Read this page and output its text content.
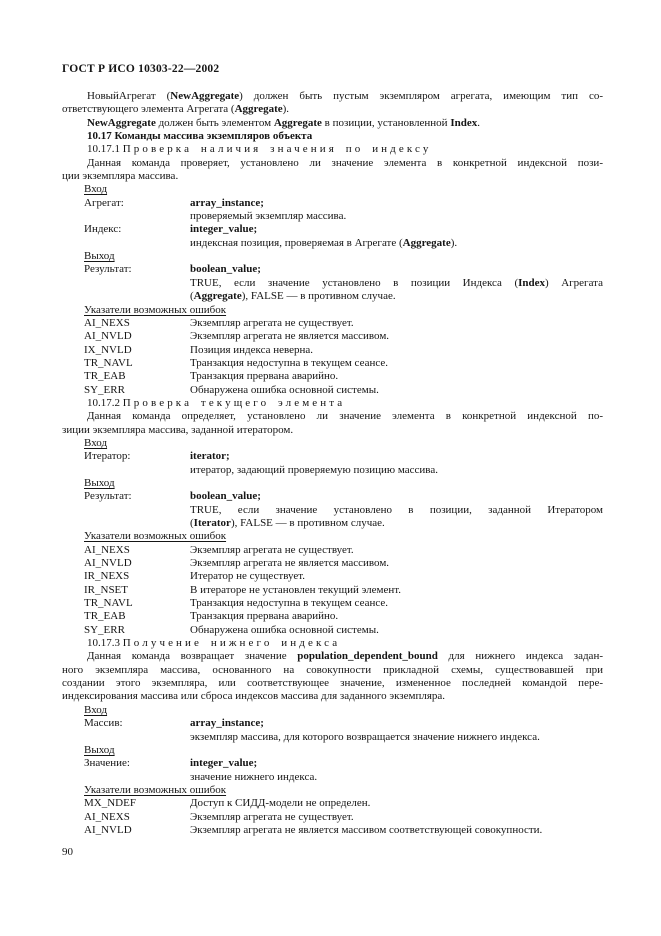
ГОСТ Р ИСО 10303-22—2002
НовыйАгрегат (NewAggregate) должен быть пустым экземпляром агрегата, имеющим тип со-
ответствующего элемента Агрегата (Aggregate).
NewAggregate должен быть элементом Aggregate в позиции, установленной Index.
10.17 Команды массива экземпляров объекта
10.17.1 Проверка наличия значения по индексу
Данная команда проверяет, установлено ли значение элемента в конкретной индексной пози-
ции экземпляра массива.
Вход
Агрегат:	array_instance;
проверяемый экземпляр массива.
Индекс:	integer_value;
индексная позиция, проверяемая в Агрегате (Aggregate).
Выход
Результат:	boolean_value;
TRUE, если значение установлено в позиции Индекса (Index) Агрегата
(Aggregate), FALSE — в противном случае.
Указатели возможных ошибок
AI_NEXS	Экземпляр агрегата не существует.
AI_NVLD	Экземпляр агрегата не является массивом.
IX_NVLD	Позиция индекса неверна.
TR_NAVL	Транзакция недоступна в текущем сеансе.
TR_EAB	Транзакция прервана аварийно.
SY_ERR	Обнаружена ошибка основной системы.
10.17.2 Проверка текущего элемента
Данная команда определяет, установлено ли значение элемента в конкретной индексной по-
зиции экземпляра массива, заданной итератором.
Вход
Итератор:	iterator;
итератор, задающий проверяемую позицию массива.
Выход
Результат:	boolean_value;
TRUE, если значение установлено в позиции, заданной Итератором
(Iterator), FALSE — в противном случае.
Указатели возможных ошибок
AI_NEXS	Экземпляр агрегата не существует.
AI_NVLD	Экземпляр агрегата не является массивом.
IR_NEXS	Итератор не существует.
IR_NSET	В итераторе не установлен текущий элемент.
TR_NAVL	Транзакция недоступна в текущем сеансе.
TR_EAB	Транзакция прервана аварийно.
SY_ERR	Обнаружена ошибка основной системы.
10.17.3 Получение нижнего индекса
Данная команда возвращает значение population_dependent_bound для нижнего индекса задан-
ного экземпляра массива, основанного на совокупности прикладной схемы, существовавшей при
создании этого экземпляра, или соответствующее значение, измененное последней командой пере-
индексирования массива или сброса индексов массива для заданного экземпляра.
Вход
Массив:	array_instance;
экземпляр массива, для которого возвращается значение нижнего индекса.
Выход
Значение:	integer_value;
значение нижнего индекса.
Указатели возможных ошибок
MX_NDEF	Доступ к СИДД-модели не определен.
AI_NEXS	Экземпляр агрегата не существует.
AI_NVLD	Экземпляр агрегата не является массивом соответствующей совокупности.
90
